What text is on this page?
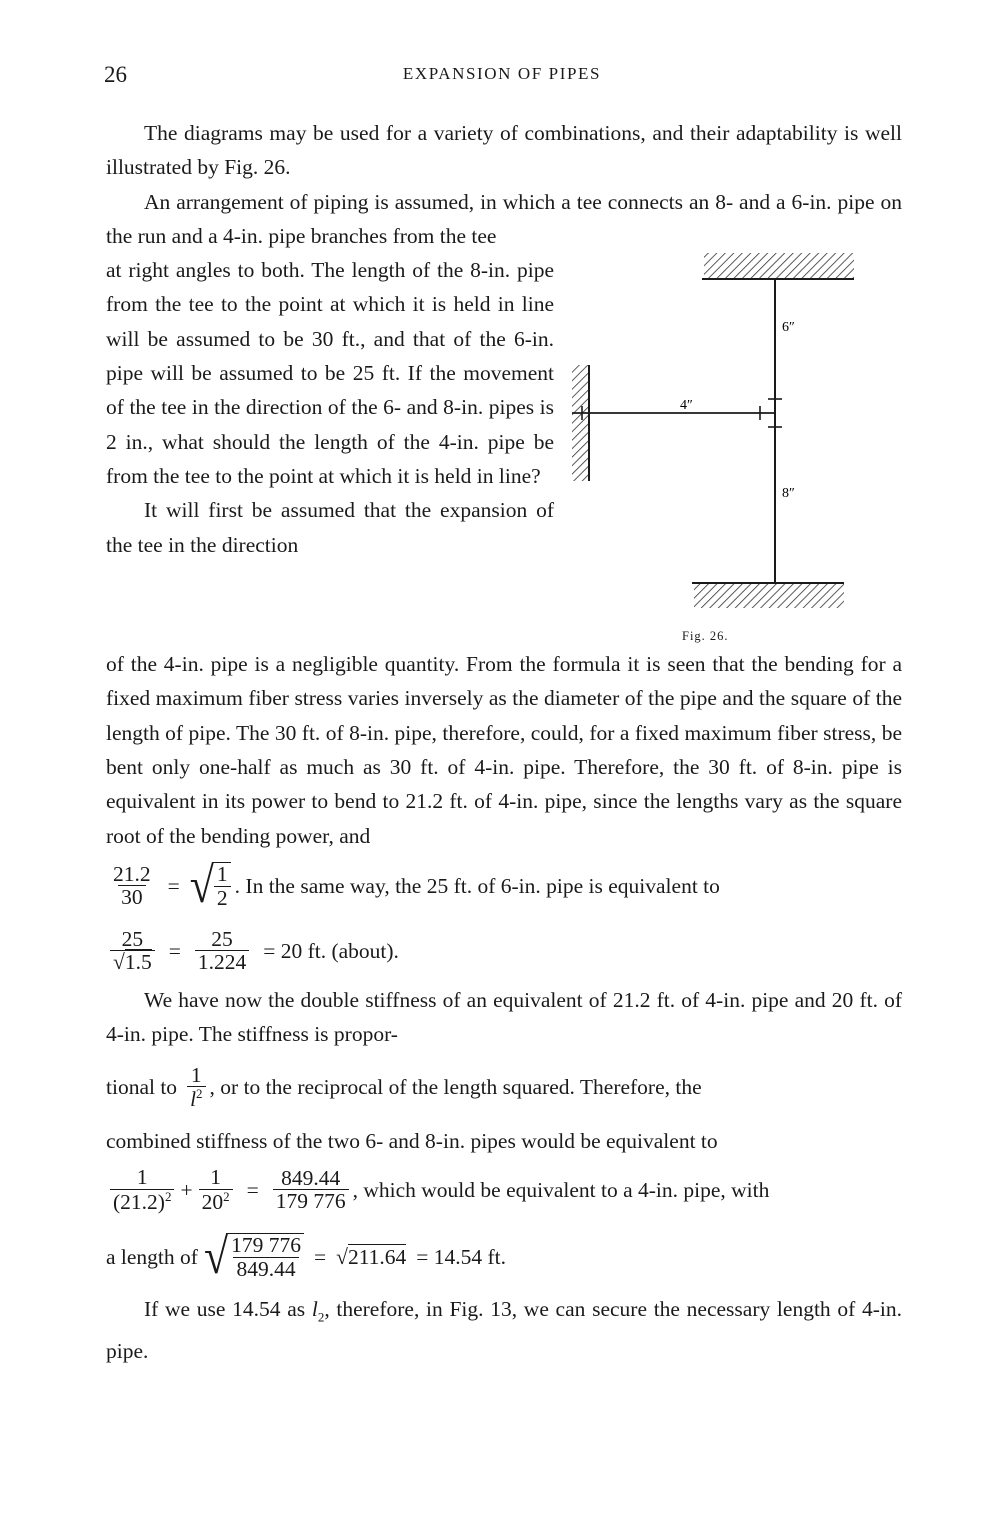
26	EXPANSION OF PIPES

The diagrams may be used for a variety of combinations, and their adaptability is well illustrated by Fig. 26.

An arrangement of piping is assumed, in which a tee connects an 8- and a 6-in. pipe on the run and a 4-in. pipe branches from the tee

6″
4″
8″
Fig. 26.

at right angles to both. The length of the 8-in. pipe from the tee to the point at which it is held in line will be assumed to be 30 ft., and that of the 6-in. pipe will be assumed to be 25 ft. If the movement of the tee in the direction of the 6- and 8-in. pipes is 2 in., what should the length of the 4-in. pipe be from the tee to the point at which it is held in line?

It will first be assumed that the expansion of the tee in the direction

of the 4-in. pipe is a negligible quantity. From the formula it is seen that the bending for a fixed maximum fiber stress varies inversely as the diameter of the pipe and the square of the length of pipe. The 30 ft. of 8-in. pipe, therefore, could, for a fixed maximum fiber stress, be bent only one-half as much as 30 ft. of 4-in. pipe. Therefore, the 30 ft. of 8-in. pipe is equivalent in its power to bend to 21.2 ft. of 4-in. pipe, since the lengths vary as the square root of the bending power, and

$\frac{21.2}{30}$ = √ $\frac{1}{2}$ . In the same way, the 25 ft. of 6-in. pipe is equivalent to
$\frac{25}{√1.5} = \frac{25}{1.224} = 20$ ft. (about).

We have now the double stiffness of an equivalent of 21.2 ft. of 4-in. pipe and 20 ft. of 4-in. pipe. The stiffness is propor-

tional to $\frac{1}{l^2}$ , or to the reciprocal of the length squared. Therefore, the

combined stiffness of the two 6- and 8-in. pipes would be equivalent to

$\frac{1}{(21.2)^2} + \frac{1}{20^2} = \frac{849.44}{179 776}$ , which would be equivalent to a 4-in. pipe, with
a length of √ $\frac{179 776}{849.44} = √211.64 = 14.54$ ft.

If we use 14.54 as $l_2$, therefore, in Fig. 13, we can secure the necessary length of 4-in. pipe.
